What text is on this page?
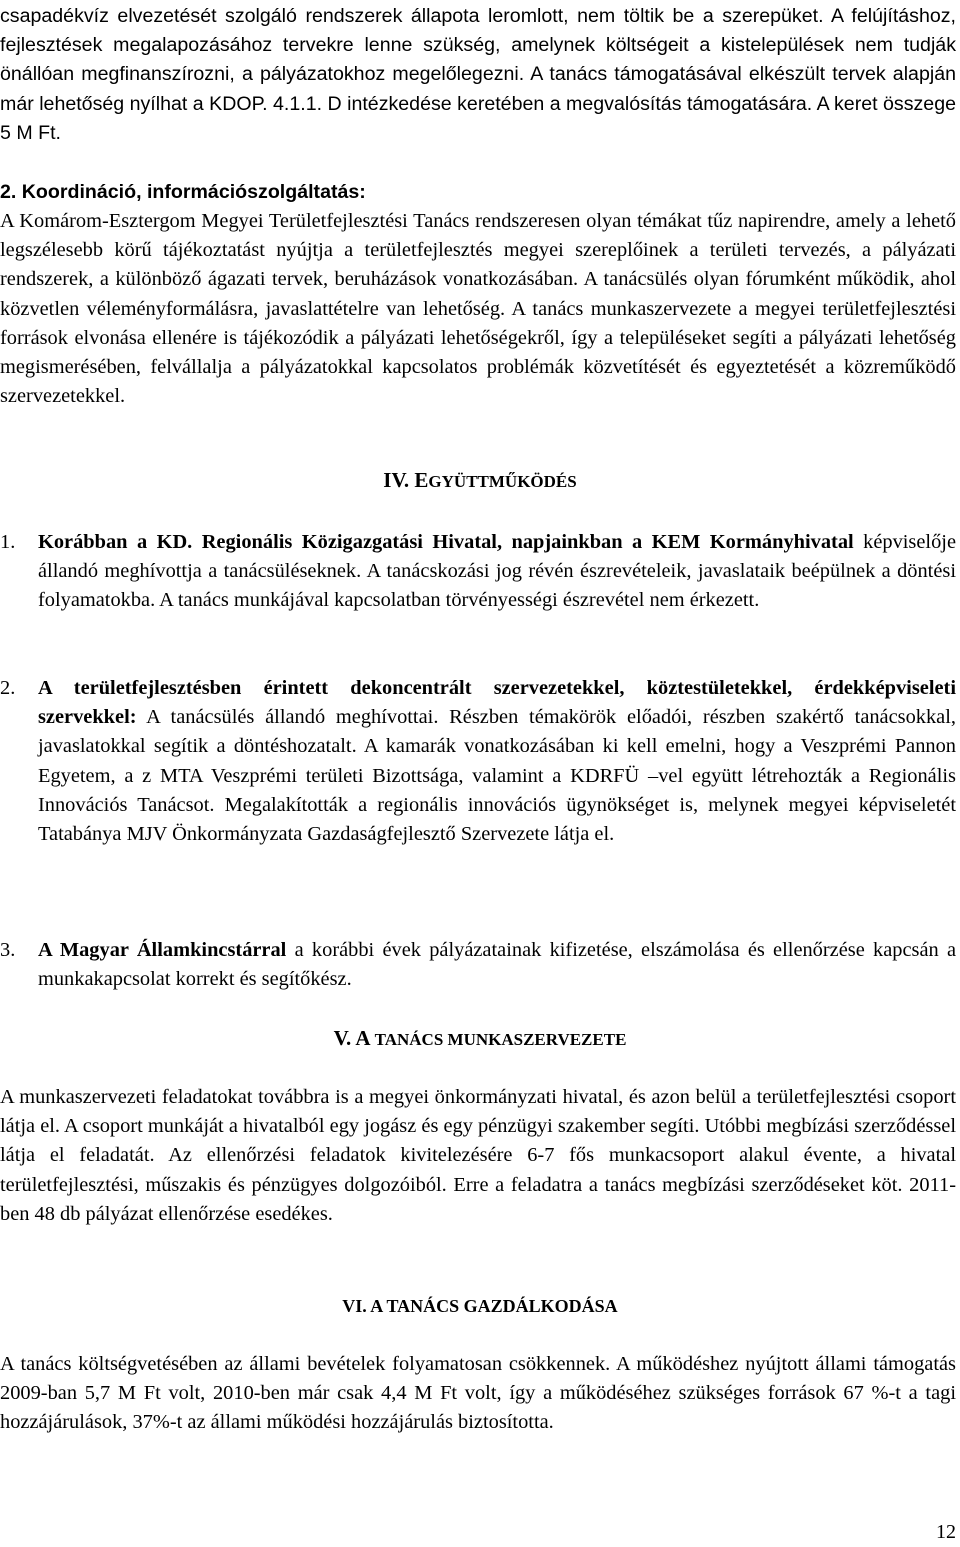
csapadékvíz elvezetését szolgáló rendszerek állapota leromlott, nem töltik be a szerepüket. A felújításhoz, fejlesztések megalapozásához tervekre lenne szükség, amelynek költségeit a kistelepülések nem tudják önállóan megfinanszírozni, a pályázatokhoz megelőlegezni. A tanács támogatásával elkészült tervek alapján már lehetőség nyílhat a KDOP. 4.1.1. D intézkedése keretében a megvalósítás támogatására. A keret összege 5 M Ft.

2. Koordináció, információszolgáltatás:

A Komárom-Esztergom Megyei Területfejlesztési Tanács rendszeresen olyan témákat tűz napirendre, amely a lehető legszélesebb körű tájékoztatást nyújtja a területfejlesztés megyei szereplőinek a területi tervezés, a pályázati rendszerek, a különböző ágazati tervek, beruházások vonatkozásában. A tanácsülés olyan fórumként működik, ahol közvetlen véleményformálásra, javaslattételre van lehetőség. A tanács munkaszervezete a megyei területfejlesztési források elvonása ellenére is tájékozódik a pályázati lehetőségekről, így a településeket segíti a pályázati lehetőség megismerésében, felvállalja a pályázatokkal kapcsolatos problémák közvetítését és egyeztetését a közreműködő szervezetekkel.

IV. EGYÜTTMŰKÖDÉS
1. Korábban a KD. Regionális Közigazgatási Hivatal, napjainkban a KEM Kormányhivatal képviselője állandó meghívottja a tanácsüléseknek. A tanácskozási jog révén észrevételeik, javaslataik beépülnek a döntési folyamatokba. A tanács munkájával kapcsolatban törvényességi észrevétel nem érkezett.

2. A területfejlesztésben érintett dekoncentrált szervezetekkel, köztestületekkel, érdekképviseleti szervekkel: A tanácsülés állandó meghívottai. Részben témakörök előadói, részben szakértő tanácsokkal, javaslatokkal segítik a döntéshozatalt. A kamarák vonatkozásában ki kell emelni, hogy a Veszprémi Pannon Egyetem, a z MTA Veszprémi területi Bizottsága, valamint a KDRFÜ –vel együtt létrehozták a Regionális Innovációs Tanácsot. Megalakították a regionális innovációs ügynökséget is, melynek megyei képviseletét Tatabánya MJV Önkormányzata Gazdaságfejlesztő Szervezete látja el.

3. A Magyar Államkincstárral a korábbi évek pályázatainak kifizetése, elszámolása és ellenőrzése kapcsán a munkakapcsolat korrekt és segítőkész.

V. A TANÁCS MUNKASZERVEZETE

A munkaszervezeti feladatokat továbbra is a megyei önkormányzati hivatal, és azon belül a területfejlesztési csoport látja el. A csoport munkáját a hivatalból egy jogász és egy pénzügyi szakember segíti. Utóbbi megbízási szerződéssel látja el feladatát. Az ellenőrzési feladatok kivitelezésére 6-7 fős munkacsoport alakul évente, a hivatal területfejlesztési, műszakis és pénzügyes dolgozóiból. Erre a feladatra a tanács megbízási szerződéseket köt. 2011-ben 48 db pályázat ellenőrzése esedékes.

VI. A TANÁCS GAZDÁLKODÁSA

A tanács költségvetésében az állami bevételek folyamatosan csökkennek. A működéshez nyújtott állami támogatás 2009-ban 5,7 M Ft volt, 2010-ben már csak 4,4 M Ft volt, így a működéséhez szükséges források 67 %-t a tagi hozzájárulások, 37%-t az állami működési hozzájárulás biztosította.

12
